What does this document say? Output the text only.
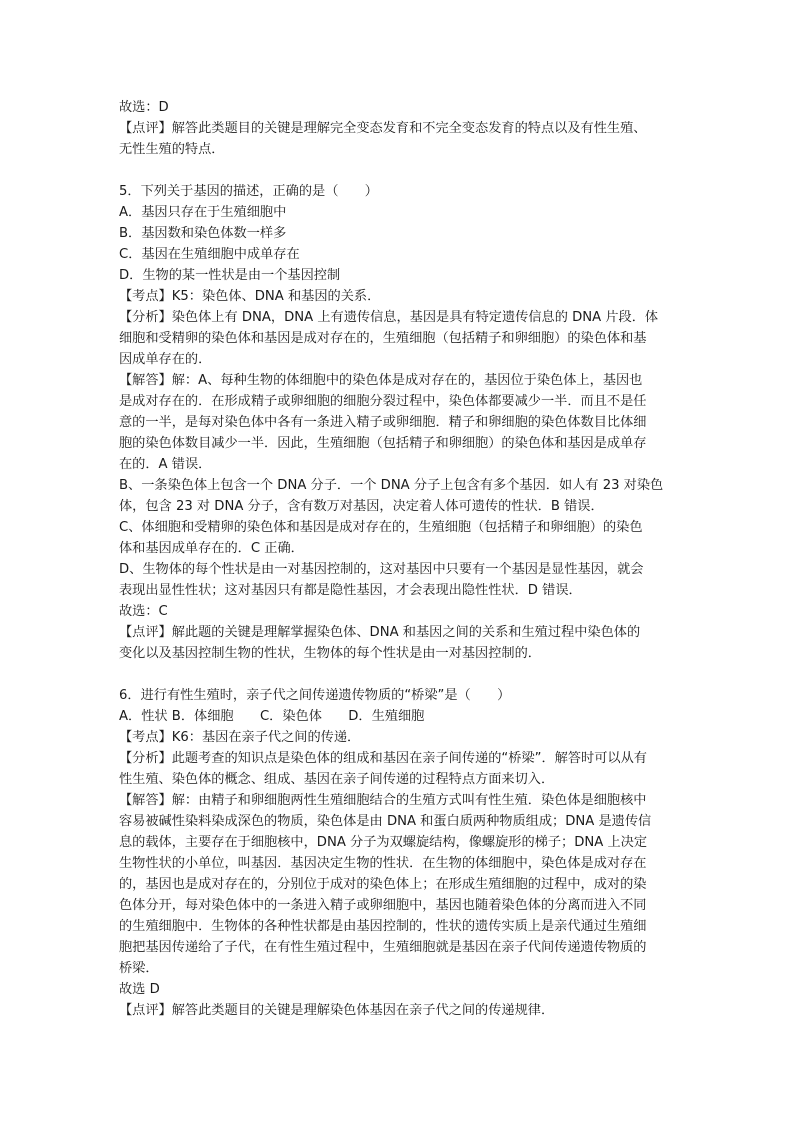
故选：D
【点评】解答此类题目的关键是理解完全变态发育和不完全变态发育的特点以及有性生殖、
无性生殖的特点．
5．下列关于基因的描述，正确的是（　　）
A．基因只存在于生殖细胞中
B．基因数和染色体数一样多
C．基因在生殖细胞中成单存在
D．生物的某一性状是由一个基因控制
【考点】K5：染色体、DNA 和基因的关系．
【分析】染色体上有 DNA，DNA 上有遗传信息，基因是具有特定遗传信息的 DNA 片段．体
细胞和受精卵的染色体和基因是成对存在的，生殖细胞（包括精子和卵细胞）的染色体和基
因成单存在的．
【解答】解：A、每种生物的体细胞中的染色体是成对存在的，基因位于染色体上，基因也
是成对存在的．在形成精子或卵细胞的细胞分裂过程中，染色体都要减少一半．而且不是任
意的一半，是每对染色体中各有一条进入精子或卵细胞．精子和卵细胞的染色体数目比体细
胞的染色体数目减少一半．因此，生殖细胞（包括精子和卵细胞）的染色体和基因是成单存
在的．A 错误．
B、一条染色体上包含一个 DNA 分子．一个 DNA 分子上包含有多个基因．如人有 23 对染色
体，包含 23 对 DNA 分子，含有数万对基因，决定着人体可遗传的性状．B 错误．
C、体细胞和受精卵的染色体和基因是成对存在的，生殖细胞（包括精子和卵细胞）的染色
体和基因成单存在的．C 正确．
D、生物体的每个性状是由一对基因控制的，这对基因中只要有一个基因是显性基因，就会
表现出显性性状；这对基因只有都是隐性基因，才会表现出隐性性状．D 错误．
故选：C
【点评】解此题的关键是理解掌握染色体、DNA 和基因之间的关系和生殖过程中染色体的
变化以及基因控制生物的性状，生物体的每个性状是由一对基因控制的．
6．进行有性生殖时，亲子代之间传递遗传物质的“桥梁”是（　　）
A．性状 B．体细胞　　C．染色体　　D．生殖细胞
【考点】K6：基因在亲子代之间的传递．
【分析】此题考查的知识点是染色体的组成和基因在亲子间传递的“桥梁”．解答时可以从有
性生殖、染色体的概念、组成、基因在亲子间传递的过程特点方面来切入．
【解答】解：由精子和卵细胞两性生殖细胞结合的生殖方式叫有性生殖．染色体是细胞核中
容易被碱性染料染成深色的物质，染色体是由 DNA 和蛋白质两种物质组成；DNA 是遗传信
息的载体，主要存在于细胞核中，DNA 分子为双螺旋结构，像螺旋形的梯子；DNA 上决定
生物性状的小单位，叫基因．基因决定生物的性状．在生物的体细胞中，染色体是成对存在
的，基因也是成对存在的，分别位于成对的染色体上；在形成生殖细胞的过程中，成对的染
色体分开，每对染色体中的一条进入精子或卵细胞中，基因也随着染色体的分离而进入不同
的生殖细胞中．生物体的各种性状都是由基因控制的，性状的遗传实质上是亲代通过生殖细
胞把基因传递给了子代，在有性生殖过程中，生殖细胞就是基因在亲子代间传递遗传物质的
桥梁．
故选 D
【点评】解答此类题目的关键是理解染色体基因在亲子代之间的传递规律．
